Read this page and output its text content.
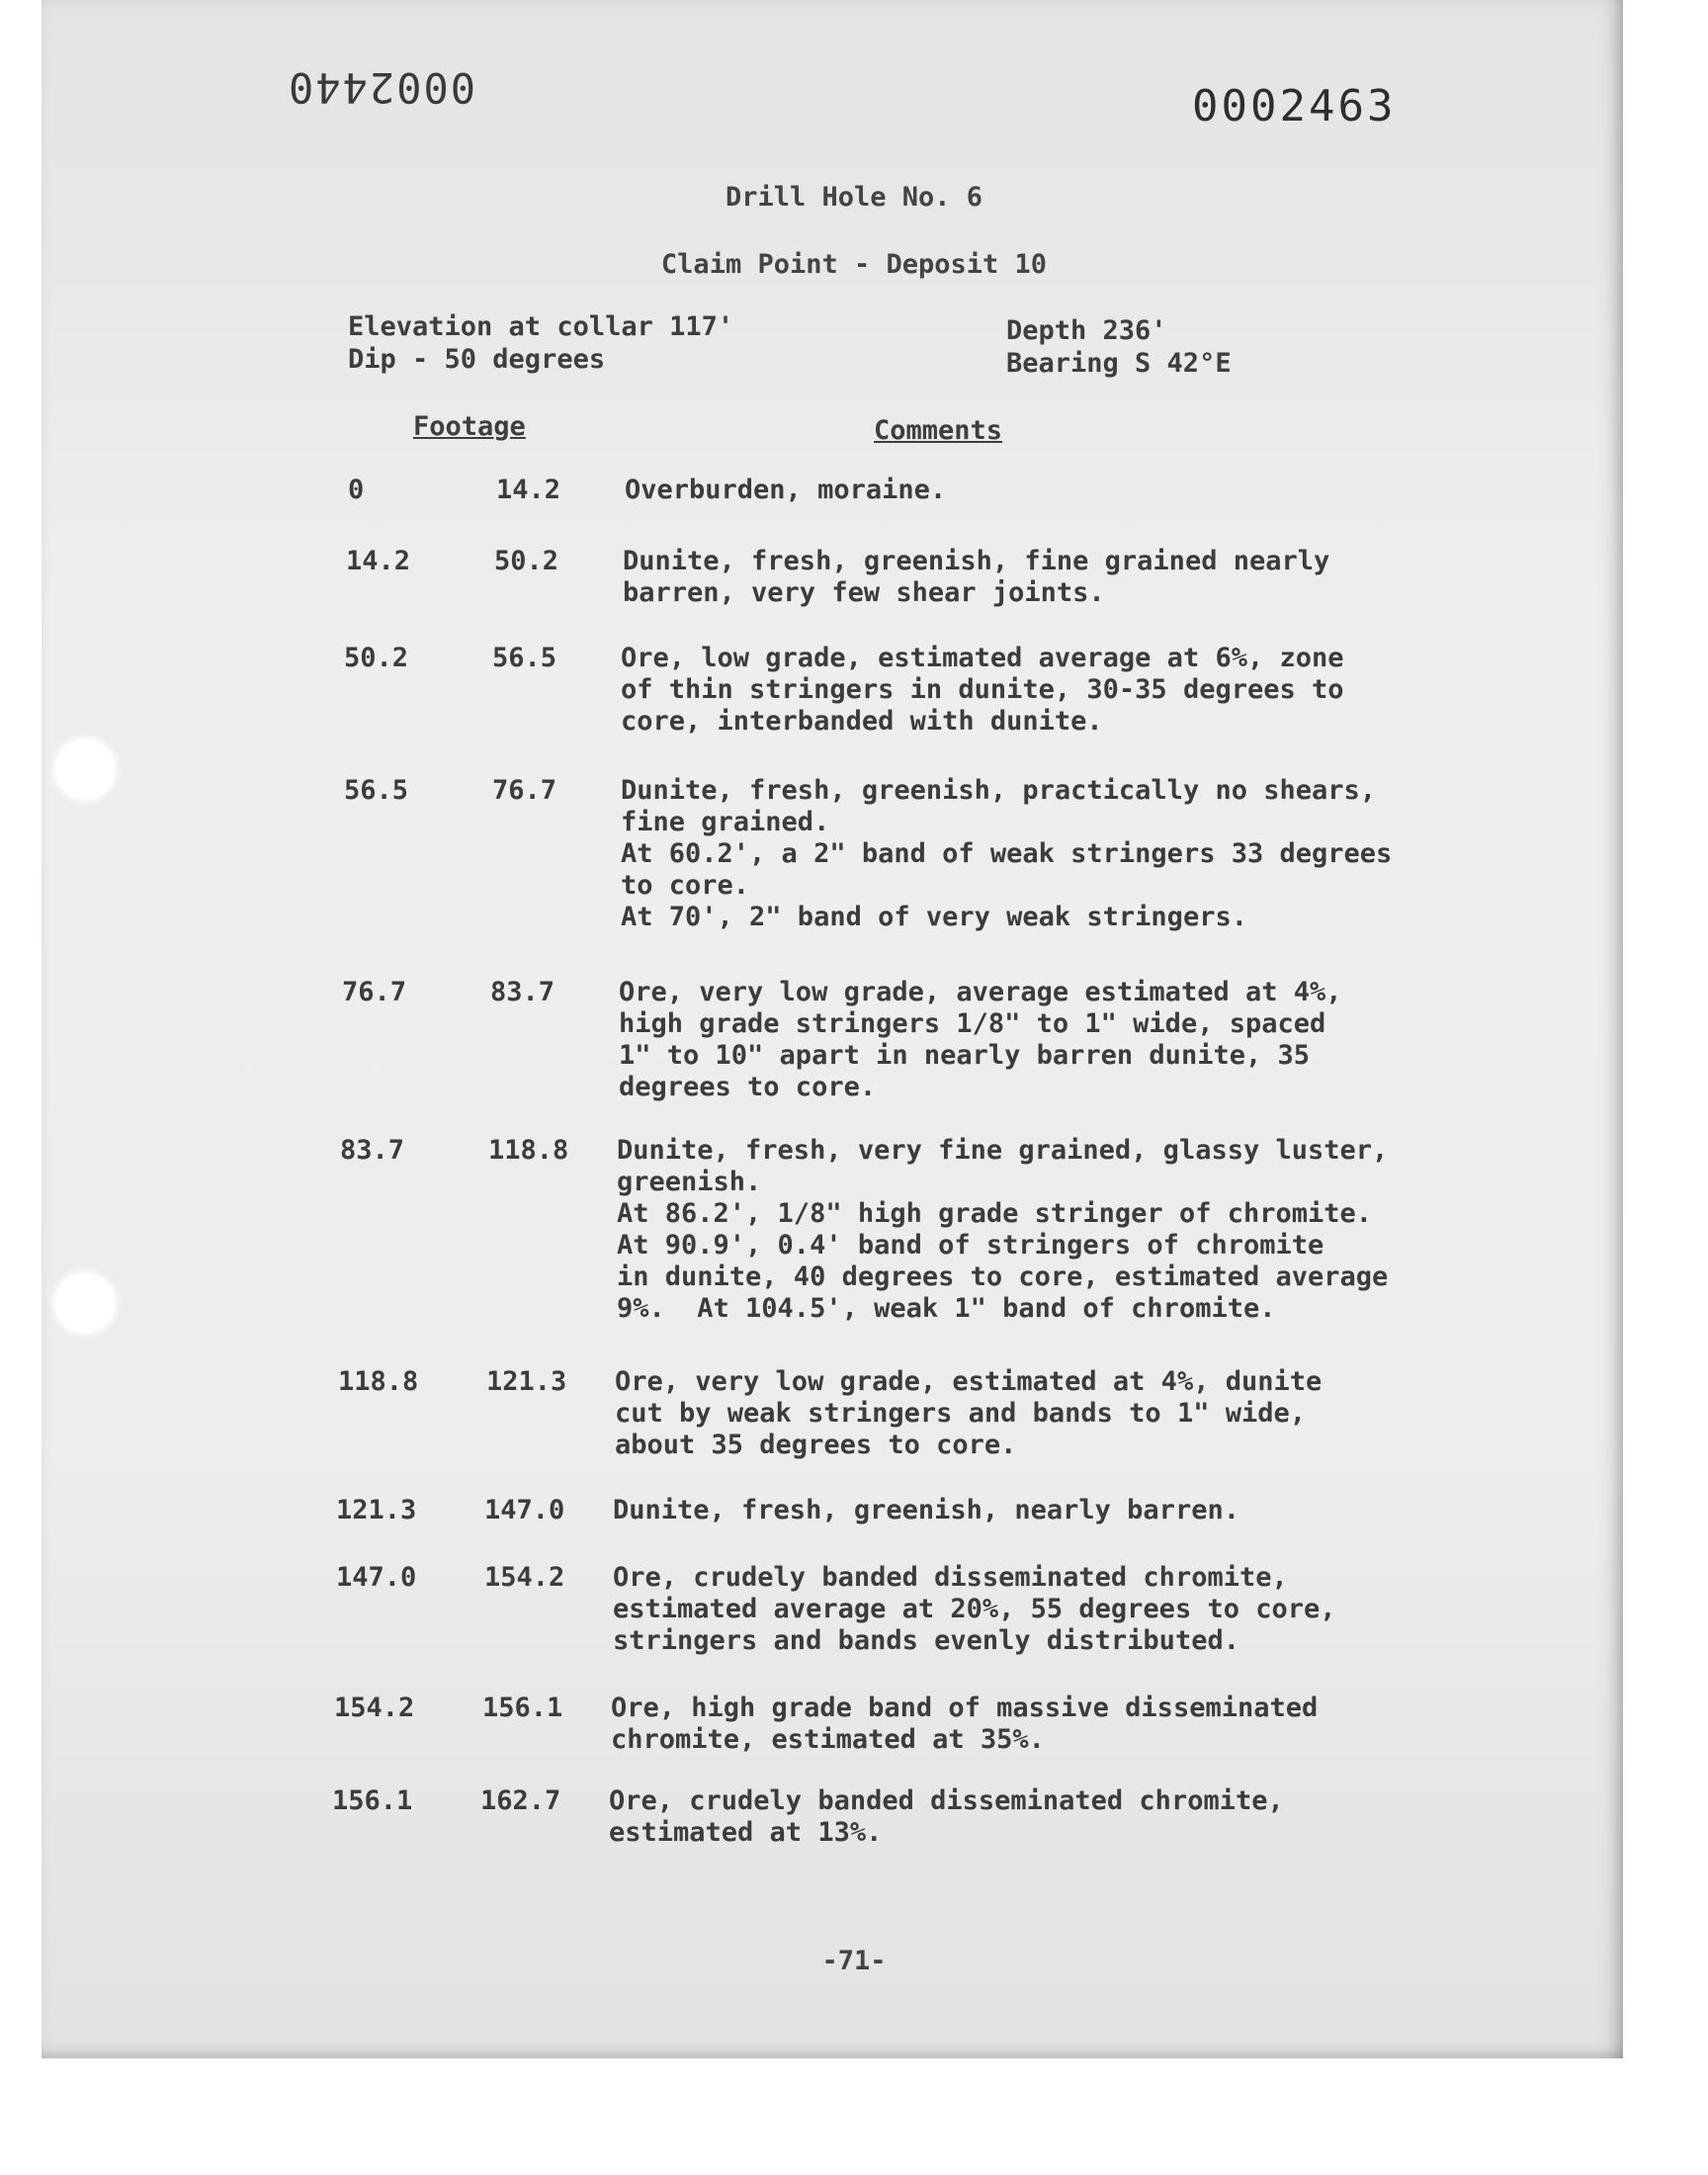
0002440	0002463
Drill Hole No. 6
Claim Point - Deposit 10
Elevation at collar 117'
Dip - 50 degrees
Depth 236'
Bearing S 42°E
Footage	Comments
0	14.2 Overburden, moraine.
14.2	50.2 Dunite, fresh, greenish, fine grained nearly
barren, very few shear joints.
50.2	56.5 Ore, low grade, estimated average at 6%, zone
of thin stringers in dunite, 30-35 degrees to
core, interbanded with dunite.
56.5	76.7 Dunite, fresh, greenish, practically no shears,
fine grained.
At 60.2', a 2" band of weak stringers 33 degrees
to core.
At 70', 2" band of very weak stringers.
76.7	83.7 Ore, very low grade, average estimated at 4%,
high grade stringers 1/8" to 1" wide, spaced
1" to 10" apart in nearly barren dunite, 35
degrees to core.
83.7	118.8 Dunite, fresh, very fine grained, glassy luster,
greenish.
At 86.2', 1/8" high grade stringer of chromite.
At 90.9', 0.4' band of stringers of chromite
in dunite, 40 degrees to core, estimated average
9%.  At 104.5', weak 1" band of chromite.
118.8	121.3 Ore, very low grade, estimated at 4%, dunite
cut by weak stringers and bands to 1" wide,
about 35 degrees to core.
121.3	147.0 Dunite, fresh, greenish, nearly barren.
147.0	154.2 Ore, crudely banded disseminated chromite,
estimated average at 20%, 55 degrees to core,
stringers and bands evenly distributed.
154.2	156.1 Ore, high grade band of massive disseminated
chromite, estimated at 35%.
156.1	162.7 Ore, crudely banded disseminated chromite,
estimated at 13%.
-71-
